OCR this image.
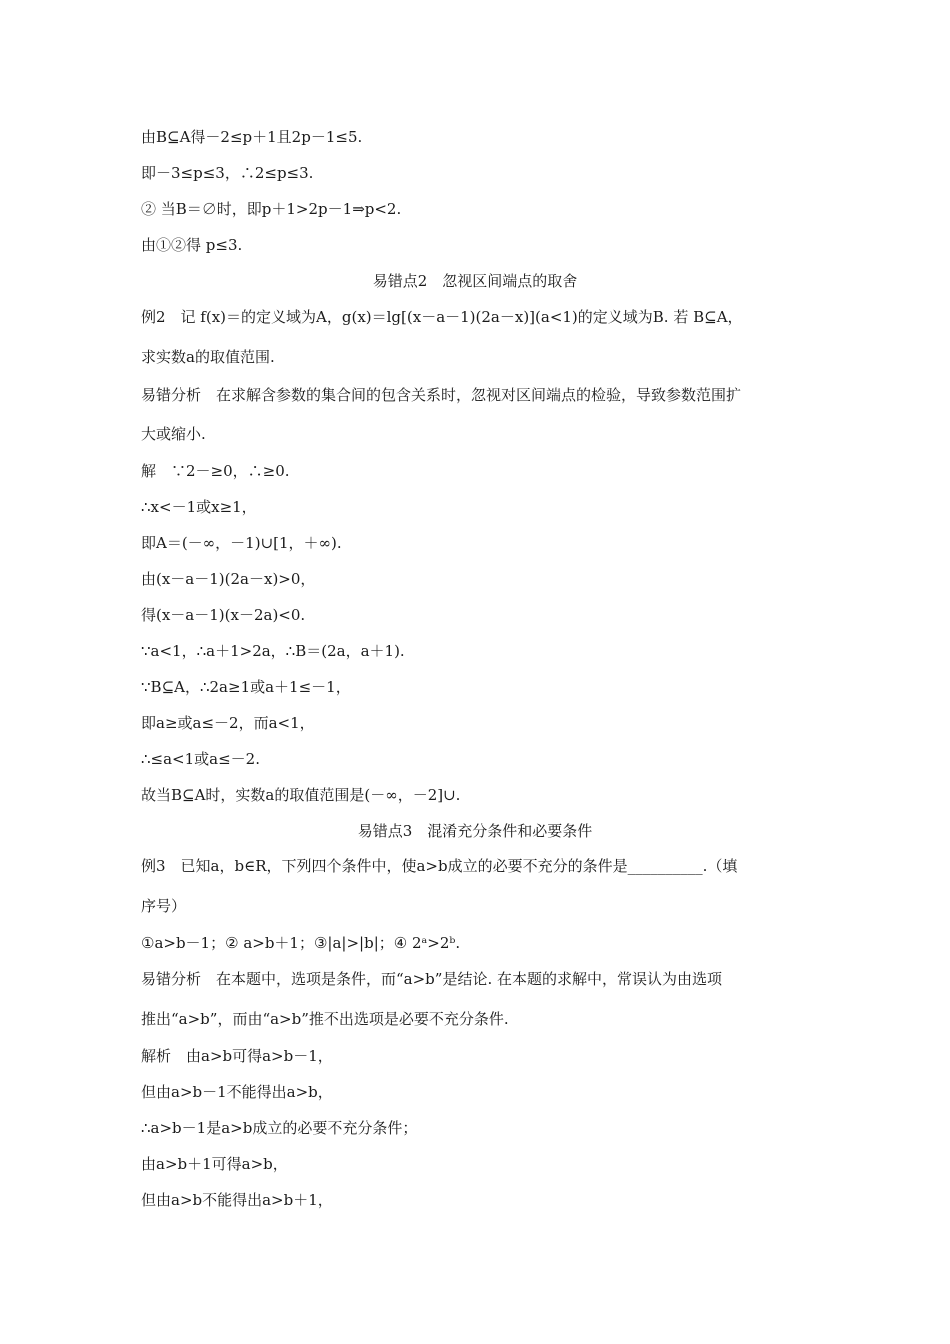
由B⊆A得－2≤p＋1且2p－1≤5.
即－3≤p≤3，∴2≤p≤3.
② 当B＝∅时，即p＋1>2p－1⇒p<2.
由①②得 p≤3.
易错点2　忽视区间端点的取舍
例2　记 f(x)＝的定义域为A，g(x)＝lg[(x－a－1)(2a－x)](a<1)的定义域为B. 若 B⊆A，
求实数a的取值范围.
易错分析　在求解含参数的集合间的包含关系时，忽视对区间端点的检验，导致参数范围扩
大或缩小.
解　∵2－≥0，∴≥0.
∴x<－1或x≥1，
即A＝(－∞，－1)∪[1，＋∞).
由(x－a－1)(2a－x)>0，
得(x－a－1)(x－2a)<0.
∵a<1，∴a＋1>2a，∴B＝(2a，a＋1).
∵B⊆A，∴2a≥1或a＋1≤－1，
即a≥或a≤－2，而a<1，
∴≤a<1或a≤－2.
故当B⊆A时，实数a的取值范围是(－∞，－2]∪.
易错点3　混淆充分条件和必要条件
例3　已知a，b∈R，下列四个条件中，使a>b成立的必要不充分的条件是__________.（填
序号）
①a>b－1；② a>b＋1；③|a|>|b|；④ 2ᵃ>2ᵇ.
易错分析　在本题中，选项是条件，而“a>b”是结论. 在本题的求解中，常误认为由选项
推出“a>b”，而由“a>b”推不出选项是必要不充分条件.
解析　由a>b可得a>b－1，
但由a>b－1不能得出a>b，
∴a>b－1是a>b成立的必要不充分条件；
由a>b＋1可得a>b，
但由a>b不能得出a>b＋1，
